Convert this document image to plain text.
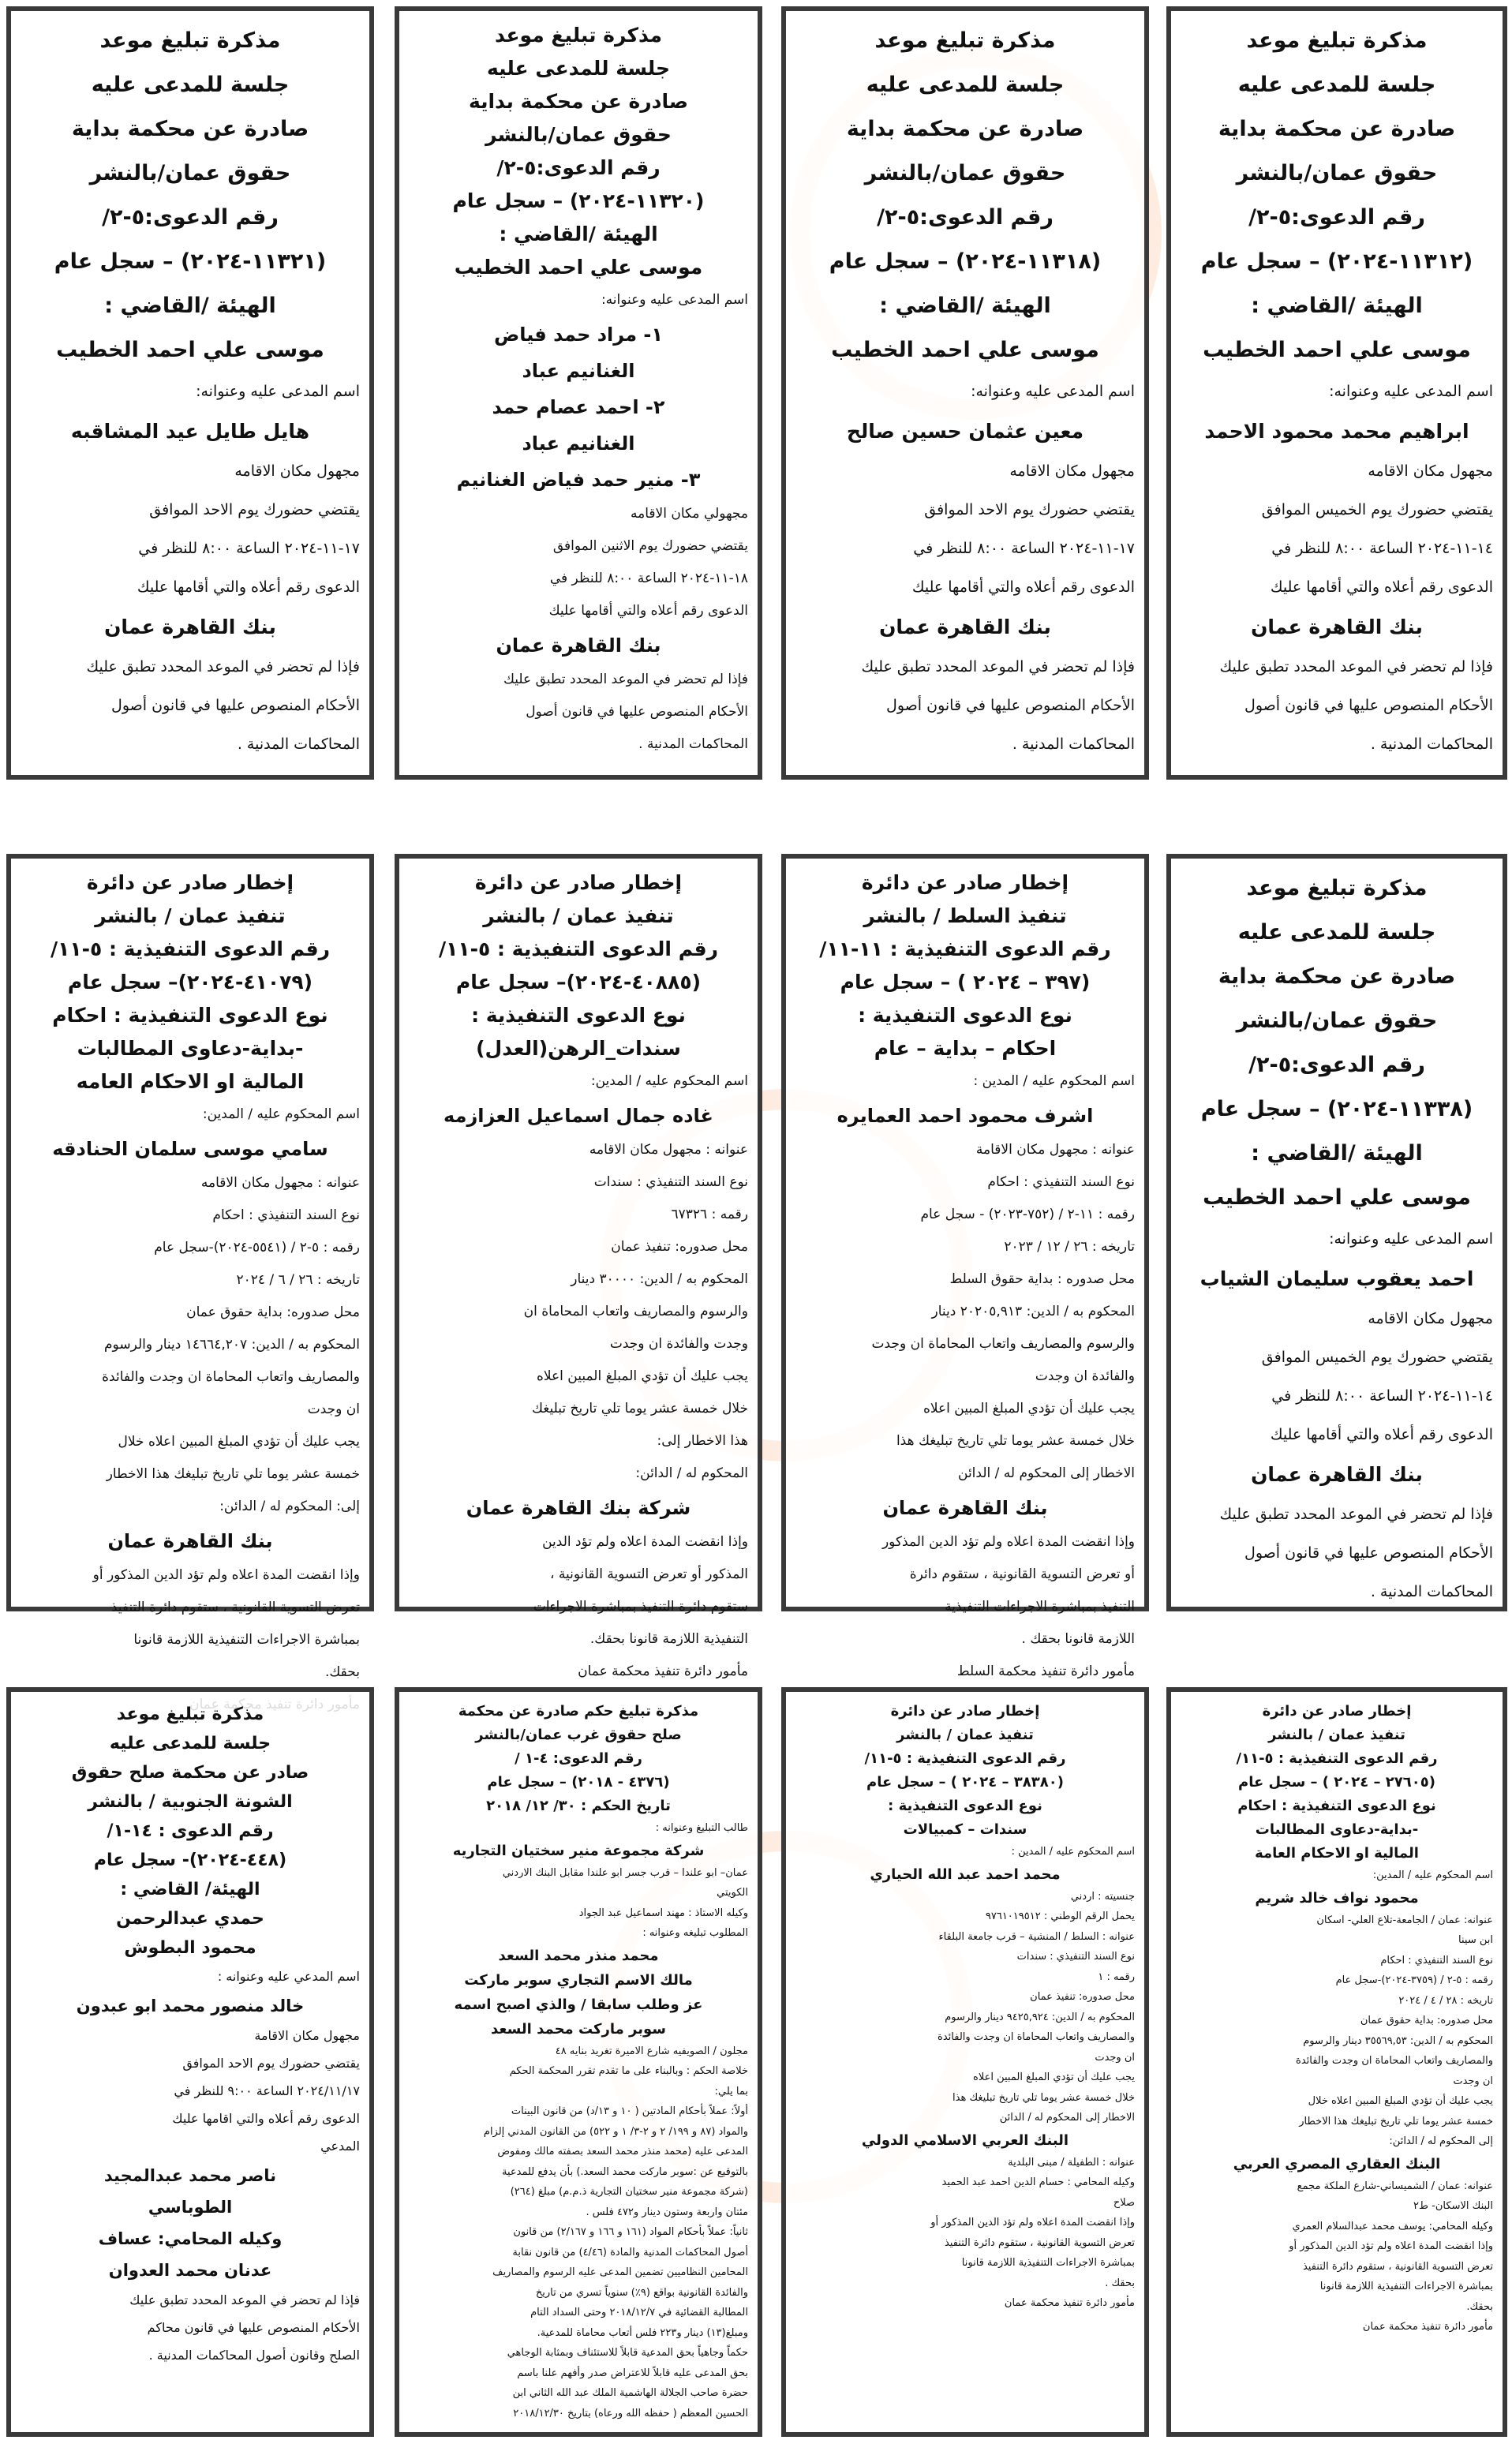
مذكرة تبليغ موعد
جلسة للمدعى عليه
صادرة عن محكمة بداية
حقوق عمان/بالنشر
رقم الدعوى:٥-٢/
(١١٣١٢-٢٠٢٤) – سجل عام
الهيئة /القاضي :
موسى علي احمد الخطيب
اسم المدعى عليه وعنوانه:
ابراهيم محمد محمود الاحمد
مجهول مكان الاقامه
يقتضي حضورك يوم الخميس الموافق
١٤-١١-٢٠٢٤ الساعة ٨:٠٠ للنظر في
الدعوى رقم أعلاه والتي أقامها عليك
بنك القاهرة عمان
فإذا لم تحضر في الموعد المحدد تطبق عليك
الأحكام المنصوص عليها في قانون أصول
المحاكمات المدنية .
مذكرة تبليغ موعد
جلسة للمدعى عليه
صادرة عن محكمة بداية
حقوق عمان/بالنشر
رقم الدعوى:٥-٢/
(١١٣١٨-٢٠٢٤) – سجل عام
الهيئة /القاضي :
موسى علي احمد الخطيب
اسم المدعى عليه وعنوانه:
معين عثمان حسين صالح
مجهول مكان الاقامه
يقتضي حضورك يوم الاحد الموافق
١٧-١١-٢٠٢٤ الساعة ٨:٠٠ للنظر في
الدعوى رقم أعلاه والتي أقامها عليك
بنك القاهرة عمان
فإذا لم تحضر في الموعد المحدد تطبق عليك
الأحكام المنصوص عليها في قانون أصول
المحاكمات المدنية .
مذكرة تبليغ موعد
جلسة للمدعى عليه
صادرة عن محكمة بداية
حقوق عمان/بالنشر
رقم الدعوى:٥-٢/
(١١٣٢٠-٢٠٢٤) – سجل عام
الهيئة /القاضي :
موسى علي احمد الخطيب
اسم المدعى عليه وعنوانه:
١- مراد حمد فياض
الغنانيم عباد
٢- احمد عصام حمد
الغنانيم عباد
٣- منير حمد فياض الغنانيم
مجهولي مكان الاقامه
يقتضي حضورك يوم الاثنين الموافق
١٨-١١-٢٠٢٤ الساعة ٨:٠٠ للنظر في
الدعوى رقم أعلاه والتي أقامها عليك
بنك القاهرة عمان
فإذا لم تحضر في الموعد المحدد تطبق عليك
الأحكام المنصوص عليها في قانون أصول
المحاكمات المدنية .
مذكرة تبليغ موعد
جلسة للمدعى عليه
صادرة عن محكمة بداية
حقوق عمان/بالنشر
رقم الدعوى:٥-٢/
(١١٣٢١-٢٠٢٤) – سجل عام
الهيئة /القاضي :
موسى علي احمد الخطيب
اسم المدعى عليه وعنوانه:
هايل طايل عيد المشاقبه
مجهول مكان الاقامه
يقتضي حضورك يوم الاحد الموافق
١٧-١١-٢٠٢٤ الساعة ٨:٠٠ للنظر في
الدعوى رقم أعلاه والتي أقامها عليك
بنك القاهرة عمان
فإذا لم تحضر في الموعد المحدد تطبق عليك
الأحكام المنصوص عليها في قانون أصول
المحاكمات المدنية .
مذكرة تبليغ موعد
جلسة للمدعى عليه
صادرة عن محكمة بداية
حقوق عمان/بالنشر
رقم الدعوى:٥-٢/
(١١٣٣٨-٢٠٢٤) – سجل عام
الهيئة /القاضي :
موسى علي احمد الخطيب
اسم المدعى عليه وعنوانه:
احمد يعقوب سليمان الشياب
مجهول مكان الاقامه
يقتضي حضورك يوم الخميس الموافق
١٤-١١-٢٠٢٤ الساعة ٨:٠٠ للنظر في
الدعوى رقم أعلاه والتي أقامها عليك
بنك القاهرة عمان
فإذا لم تحضر في الموعد المحدد تطبق عليك
الأحكام المنصوص عليها في قانون أصول
المحاكمات المدنية .
إخطار صادر عن دائرة
تنفيذ السلط / بالنشر
رقم الدعوى التنفيذية : ١١-١١/
(٣٩٧ – ٢٠٢٤ ) – سجل عام
نوع الدعوى التنفيذية :
احكام – بداية – عام
اسم المحكوم عليه / المدين :
اشرف محمود احمد العمايره
عنوانه : مجهول مكان الاقامة
نوع السند التنفيذي : احكام
رقمه : ١١-٢ / (٧٥٢-٢٠٢٣) - سجل عام
تاريخه : ٢٦ / ١٢ / ٢٠٢٣
محل صدوره : بداية حقوق السلط
المحكوم به / الدين: ٢٠٢٠٥,٩١٣ دينار
والرسوم والمصاريف واتعاب المحاماة ان وجدت
والفائدة ان وجدت
يجب عليك أن تؤدي المبلغ المبين اعلاه
خلال خمسة عشر يوما تلي تاريخ تبليغك هذا
الاخطار إلى المحكوم له / الدائن
بنك القاهرة عمان
وإذا انقضت المدة اعلاه ولم تؤد الدين المذكور
أو تعرض التسوية القانونية ، ستقوم دائرة
التنفيذ بمباشرة الاجراءات التنفيذية
اللازمة قانونا بحقك .
مأمور دائرة تنفيذ محكمة السلط
إخطار صادر عن دائرة
تنفيذ عمان / بالنشر
رقم الدعوى التنفيذية : ٥-١١/
(٤٠٨٨٥-٢٠٢٤)– سجل عام
نوع الدعوى التنفيذية :
سندات_الرهن(العدل)
اسم المحكوم عليه / المدين:
غاده جمال اسماعيل العزازمه
عنوانه : مجهول مكان الاقامه
نوع السند التنفيذي : سندات
رقمه : ٦٧٣٢٦
محل صدوره: تنفيذ عمان
المحكوم به / الدين: ٣٠٠٠٠ دينار
والرسوم والمصاريف واتعاب المحاماة ان
وجدت والفائدة ان وجدت
يجب عليك أن تؤدي المبلغ المبين اعلاه
خلال خمسة عشر يوما تلي تاريخ تبليغك
هذا الاخطار إلى:
المحكوم له / الدائن:
شركة بنك القاهرة عمان
وإذا انقضت المدة اعلاه ولم تؤد الدين
المذكور أو تعرض التسوية القانونية ،
ستقوم دائرة التنفيذ بمباشرة الاجراءات
التنفيذية اللازمة قانونا بحقك.
مأمور دائرة تنفيذ محكمة عمان
إخطار صادر عن دائرة
تنفيذ عمان / بالنشر
رقم الدعوى التنفيذية : ٥-١١/
(٤١٠٧٩-٢٠٢٤)– سجل عام
نوع الدعوى التنفيذية : احكام
-بداية-دعاوى المطالبات
المالية او الاحكام العامه
اسم المحكوم عليه / المدين:
سامي موسى سلمان الحنادقه
عنوانه : مجهول مكان الاقامه
نوع السند التنفيذي : احكام
رقمه : ٥-٢ / (٥٥٤١-٢٠٢٤)-سجل عام
تاريخه : ٢٦ / ٦ / ٢٠٢٤
محل صدوره: بداية حقوق عمان
المحكوم به / الدين: ١٤٦٦٤,٢٠٧ دينار والرسوم
والمصاريف واتعاب المحاماة ان وجدت والفائدة
ان وجدت
يجب عليك أن تؤدي المبلغ المبين اعلاه خلال
خمسة عشر يوما تلي تاريخ تبليغك هذا الاخطار
إلى: المحكوم له / الدائن:
بنك القاهرة عمان
وإذا انقضت المدة اعلاه ولم تؤد الدين المذكور أو
تعرض التسوية القانونية ، ستقوم دائرة التنفيذ
بمباشرة الاجراءات التنفيذية اللازمة قانونا
بحقك.
إخطار صادر عن دائرة
تنفيذ عمان / بالنشر
رقم الدعوى التنفيذية : ٥-١١/
(٢٧٦٠٥ – ٢٠٢٤ ) – سجل عام
نوع الدعوى التنفيذية : احكام
-بداية-دعاوى المطالبات
المالية او الاحكام العامة
اسم المحكوم عليه / المدين:
محمود نواف خالد شريم
عنوانه: عمان / الجامعة-تلاع العلي- اسكان
ابن سينا
نوع السند التنفيذي : احكام
رقمه : ٥-٢ / (٣٧٥٩-٢٠٢٤)-سجل عام
تاريخه : ٢٨ / ٤ / ٢٠٢٤
محل صدوره: بداية حقوق عمان
المحكوم به / الدين: ٣٥٥٦٩,٥٣ دينار والرسوم
والمصاريف واتعاب المحاماة ان وجدت والفائدة
ان وجدت
يجب عليك أن تؤدي المبلغ المبين اعلاه خلال
خمسة عشر يوما تلي تاريخ تبليغك هذا الاخطار
إلى المحكوم له / الدائن:
البنك العقاري المصري العربي
عنوانه: عمان / الشميساني-شارع الملكة مجمع
البنك الاسكان- ط٢
وكيله المحامي: يوسف محمد عبدالسلام العمري
وإذا انقضت المدة اعلاه ولم تؤد الدين المذكور أو
تعرض التسوية القانونية ، ستقوم دائرة التنفيذ
بمباشرة الاجراءات التنفيذية اللازمة قانونا
بحقك.
مأمور دائرة تنفيذ محكمة عمان
إخطار صادر عن دائرة
تنفيذ عمان / بالنشر
رقم الدعوى التنفيذية : ٥-١١/
(٣٨٣٨٠ – ٢٠٢٤ ) – سجل عام
نوع الدعوى التنفيذية :
سندات – كمبيالات
اسم المحكوم عليه / المدين :
محمد احمد عبد الله الحياري
جنسيته : اردني
يحمل الرقم الوطني : ٩٧٦١٠١٩٥١٢
عنوانه : السلط / المنشية – قرب جامعة البلقاء
نوع السند التنفيذي : سندات
رقمه : ١
محل صدوره: تنفيذ عمان
المحكوم به / الدين: ٩٤٢٥,٩٢٤ دينار والرسوم
والمصاريف واتعاب المحاماة ان وجدت والفائدة
ان وجدت
يجب عليك أن تؤدي المبلغ المبين اعلاه
خلال خمسة عشر يوما تلي تاريخ تبليغك هذا
الاخطار إلى المحكوم له / الدائن
البنك العربي الاسلامي الدولي
عنوانه : الطفيلة / مبنى البلدية
وكيله المحامي : حسام الدين احمد عبد الحميد
صلاح
وإذا انقضت المدة اعلاه ولم تؤد الدين المذكور أو
تعرض التسوية القانونية ، ستقوم دائرة التنفيذ
بمباشرة الاجراءات التنفيذية اللازمة قانونا
بحقك .
مأمور دائرة تنفيذ محكمة عمان
مذكرة تبليغ حكم صادرة عن محكمة
صلح حقوق غرب عمان/بالنشر
رقم الدعوى: ٤-١ /
(٤٣٧٦ - ٢٠١٨) – سجل عام
تاريخ الحكم : ٣٠/ ١٢/ ٢٠١٨
طالب التبليغ وعنوانه :
شركة مجموعة منير سختيان التجاريه
عمان– ابو علندا – قرب جسر ابو علندا مقابل البنك الاردني
الكويتي
وكيله الاستاذ : مهند اسماعيل عبد الجواد
المطلوب تبليغه وعنوانه :
محمد منذر محمد السعد
مالك الاسم التجاري سوبر ماركت
عز وطلب سابقا / والذي اصبح اسمه
سوبر ماركت محمد السعد
مجلون / الصويفيه شارع الاميرة تغريد بنايه ٤٨
خلاصة الحكم : وبالبناء على ما تقدم تقرر المحكمة الحكم
بما يلي:
أولاً: عملاً بأحكام المادتين ( ١٠ و ١٣/د) من قانون البينات
والمواد (٨٧ و ١٩٩/ ٢ و ٢-٣/ ١ و ٥٢٢) من القانون المدني إلزام
المدعى عليه (محمد منذر محمد السعد بصفته مالك ومفوض
بالتوقيع عن :سوبر ماركت محمد السعد.) بأن يدفع للمدعية
(شركة مجموعة منير سختيان التجارية ذ.م.م) مبلغ (٢٦٤)
مئتان واربعة وستون دينار و٤٧٢ فلس .
ثانياً: عملاً بأحكام المواد (١٦١ و ١٦٦ و ٢/١٦٧) من قانون
أصول المحاكمات المدنية والمادة (٤/٤٦) من قانون نقابة
المحامين النظاميين تضمين المدعى عليه الرسوم والمصاريف
والفائدة القانونية بواقع (٩٪) سنوياً تسري من تاريخ
المطالبة القضائية في ٢٠١٨/١٢/٧ وحتى السداد التام
ومبلغ(١٣) دينار و٢٢٣ فلس أتعاب محاماة للمدعية.
حكماً وجاهياً بحق المدعية قابلاً للاستئناف وبمثابة الوجاهي
بحق المدعى عليه قابلاً للاعتراض صدر وأفهم علنا باسم
حضرة صاحب الجلالة الهاشمية الملك عبد الله الثاني ابن
الحسين المعظم ( حفظه الله ورعاه) بتاريخ ٢٠١٨/١٢/٣٠
مذكرة تبليغ موعد
جلسة للمدعى عليه
صادر عن محكمة صلح حقوق
الشونة الجنوبية / بالنشر
رقم الدعوى : ١٤-١/
(٤٤٨-٢٠٢٤)- سجل عام
الهيئة/ القاضي :
حمدي عبدالرحمن
محمود البطوش
اسم المدعي عليه وعنوانه :
خالد منصور محمد ابو عبدون
مجهول مكان الاقامة
يقتضي حضورك يوم الاحد الموافق
٢٠٢٤/١١/١٧ الساعة ٩:٠٠ للنظر في
الدعوى رقم أعلاه والتي اقامها عليك
المدعي
ناصر محمد عبدالمجيد
الطوباسي
وكيله المحامي: عساف
عدنان محمد العدوان
فإذا لم تحضر في الموعد المحدد تطبق عليك
الأحكام المنصوص عليها في قانون محاكم
الصلح وقانون أصول المحاكمات المدنية .
